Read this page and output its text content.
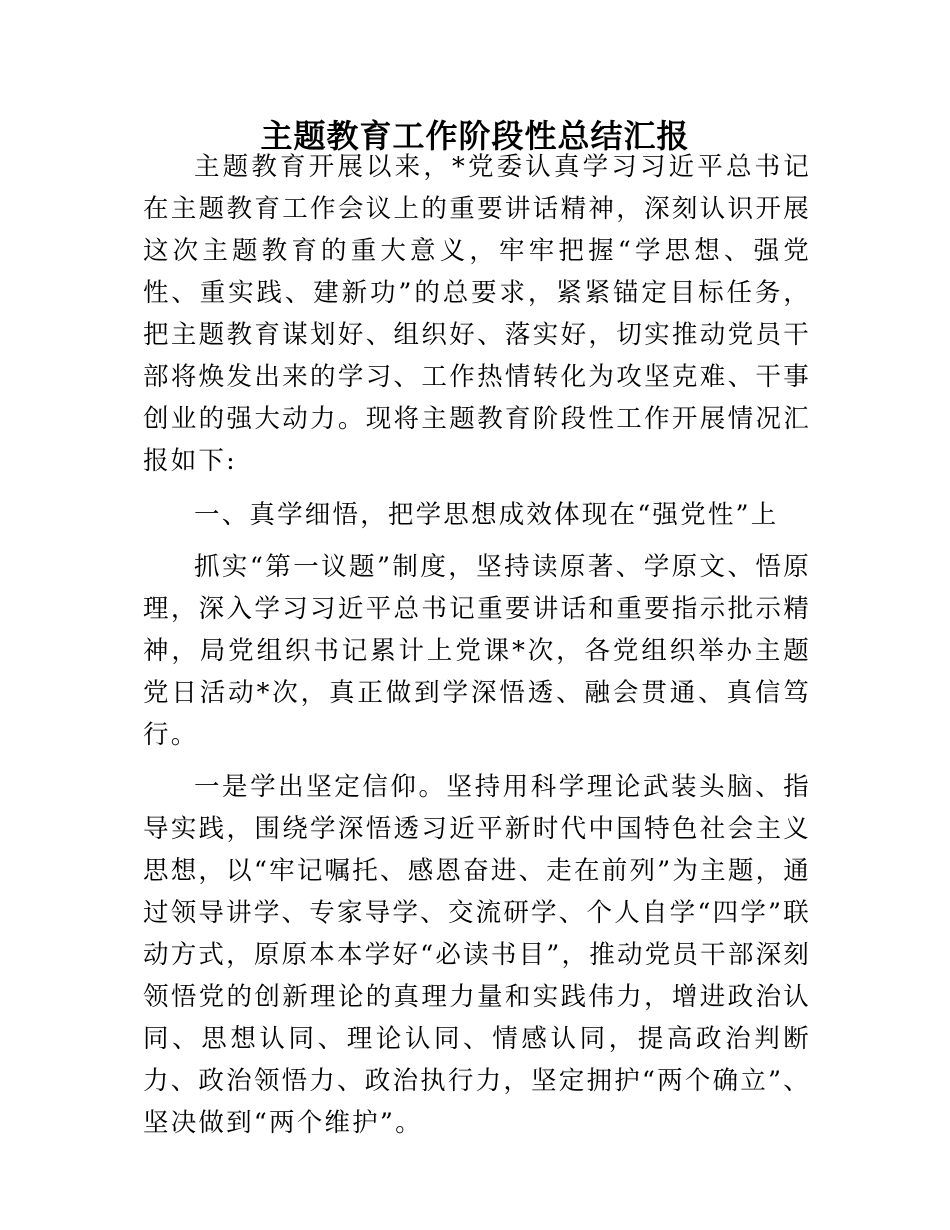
主题教育工作阶段性总结汇报

主题教育开展以来，*党委认真学习习近平总书记在主题教育工作会议上的重要讲话精神，深刻认识开展这次主题教育的重大意义，牢牢把握“学思想、强党性、重实践、建新功”的总要求，紧紧锚定目标任务，把主题教育谋划好、组织好、落实好，切实推动党员干部将焕发出来的学习、工作热情转化为攻坚克难、干事创业的强大动力。现将主题教育阶段性工作开展情况汇报如下:

一、真学细悟，把学思想成效体现在“强党性”上

抓实“第一议题”制度，坚持读原著、学原文、悟原理，深入学习习近平总书记重要讲话和重要指示批示精神，局党组织书记累计上党课*次，各党组织举办主题党日活动*次，真正做到学深悟透、融会贯通、真信笃行。

一是学出坚定信仰。坚持用科学理论武装头脑、指导实践，围绕学深悟透习近平新时代中国特色社会主义思想，以“牢记嘱托、感恩奋进、走在前列”为主题，通过领导讲学、专家导学、交流研学、个人自学“四学”联动方式，原原本本学好“必读书目”，推动党员干部深刻领悟党的创新理论的真理力量和实践伟力，增进政治认同、思想认同、理论认同、情感认同，提高政治判断力、政治领悟力、政治执行力，坚定拥护“两个确立”、坚决做到“两个维护”。
